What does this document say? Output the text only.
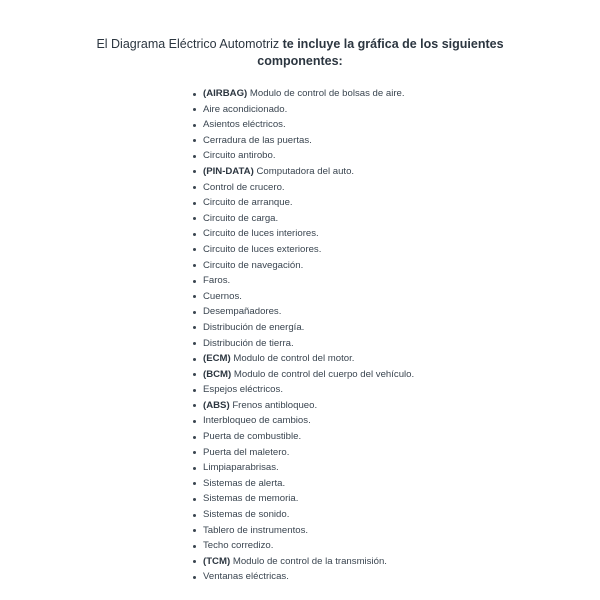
El Diagrama Eléctrico Automotriz te incluye la gráfica de los siguientes componentes:
(AIRBAG) Modulo de control de bolsas de aire.
Aire acondicionado.
Asientos eléctricos.
Cerradura de las puertas.
Circuito antirobo.
(PIN-DATA) Computadora del auto.
Control de crucero.
Circuito de arranque.
Circuito de carga.
Circuito de luces interiores.
Circuito de luces exteriores.
Circuito de navegación.
Faros.
Cuernos.
Desempañadores.
Distribución de energía.
Distribución de tierra.
(ECM) Modulo de control del motor.
(BCM) Modulo de control del cuerpo del vehículo.
Espejos eléctricos.
(ABS) Frenos antibloqueo.
Interbloqueo de cambios.
Puerta de combustible.
Puerta del maletero.
Limpiaparabrisas.
Sistemas de alerta.
Sistemas de memoria.
Sistemas de sonido.
Tablero de instrumentos.
Techo corredizo.
(TCM) Modulo de control de la transmisión.
Ventanas eléctricas.
